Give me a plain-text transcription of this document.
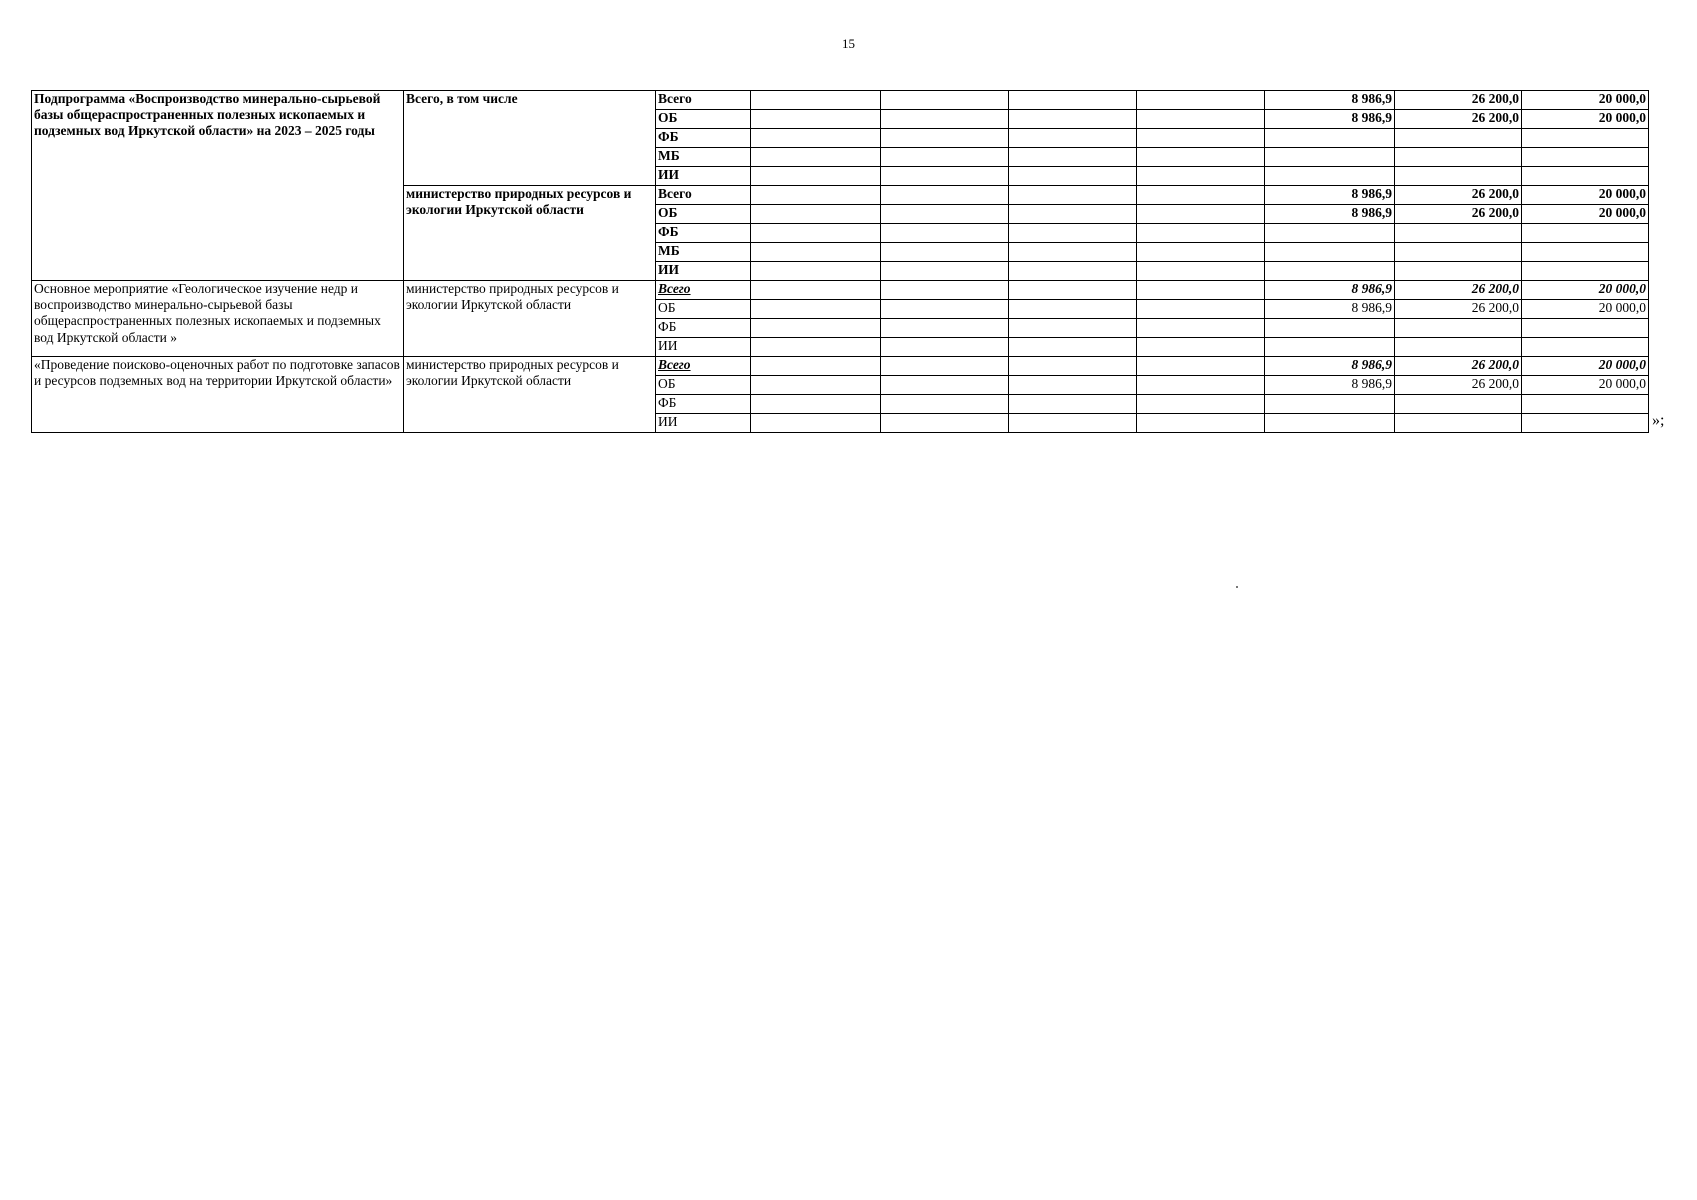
15
Подпрограмма «Воспроизводство минерально-сырьевой базы общераспространенных полезных ископаемых и подземных вод Иркутской области» на 2023 – 2025 годы	Всего, в том числе	Всего					8 986,9	26 200,0	20 000,0
		ОБ					8 986,9	26 200,0	20 000,0
		ФБ							
		МБ							
		ИИ							
	министерство природных ресурсов и экологии Иркутской области	Всего					8 986,9	26 200,0	20 000,0
		ОБ					8 986,9	26 200,0	20 000,0
		ФБ							
		МБ							
		ИИ							
Основное мероприятие «Геологическое изучение недр и воспроизводство минерально-сырьевой базы общераспространенных полезных ископаемых и подземных вод Иркутской области »	министерство природных ресурсов и экологии Иркутской области	Всего					8 986,9	26 200,0	20 000,0
		ОБ					8 986,9	26 200,0	20 000,0
		ФБ							
		ИИ							
«Проведение поисково-оценочных работ по подготовке запасов и ресурсов подземных вод на территории Иркутской области»	министерство природных ресурсов и экологии Иркутской области	Всего					8 986,9	26 200,0	20 000,0
		ОБ					8 986,9	26 200,0	20 000,0
		ФБ							
		ИИ								»;
